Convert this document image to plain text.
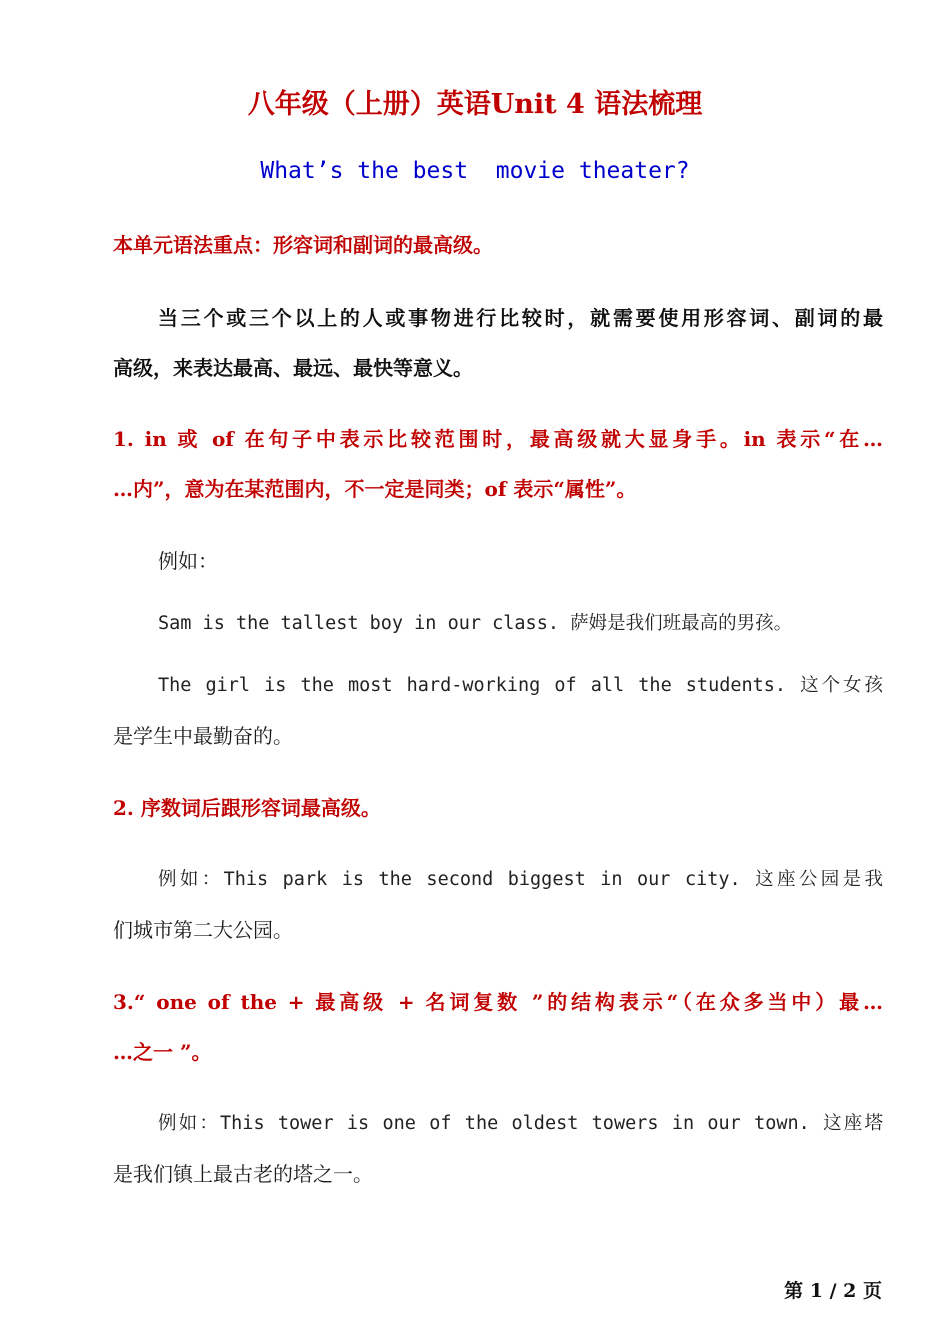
八年级（上册）英语Unit 4 语法梳理
What’s the best  movie theater?
本单元语法重点：形容词和副词的最高级。
当三个或三个以上的人或事物进行比较时，就需要使用形容词、副词的最
高级，来表达最高、最远、最快等意义。
1. in 或 of 在句子中表示比较范围时，最高级就大显身手。in 表示“在…
…内”，意为在某范围内，不一定是同类；of 表示“属性”。
例如：
Sam is the tallest boy in our class. 萨姆是我们班最高的男孩。
The girl is the most hard-working of all the students. 这个女孩
是学生中最勤奋的。
2. 序数词后跟形容词最高级。
例如：This park is the second biggest in our city. 这座公园是我
们城市第二大公园。
3.“ one of the + 最高级 + 名词复数 ”的结构表示“（在众多当中）最…
…之一 ”。
例如：This tower is one of the oldest towers in our town. 这座塔
是我们镇上最古老的塔之一。
第 1 / 2 页
